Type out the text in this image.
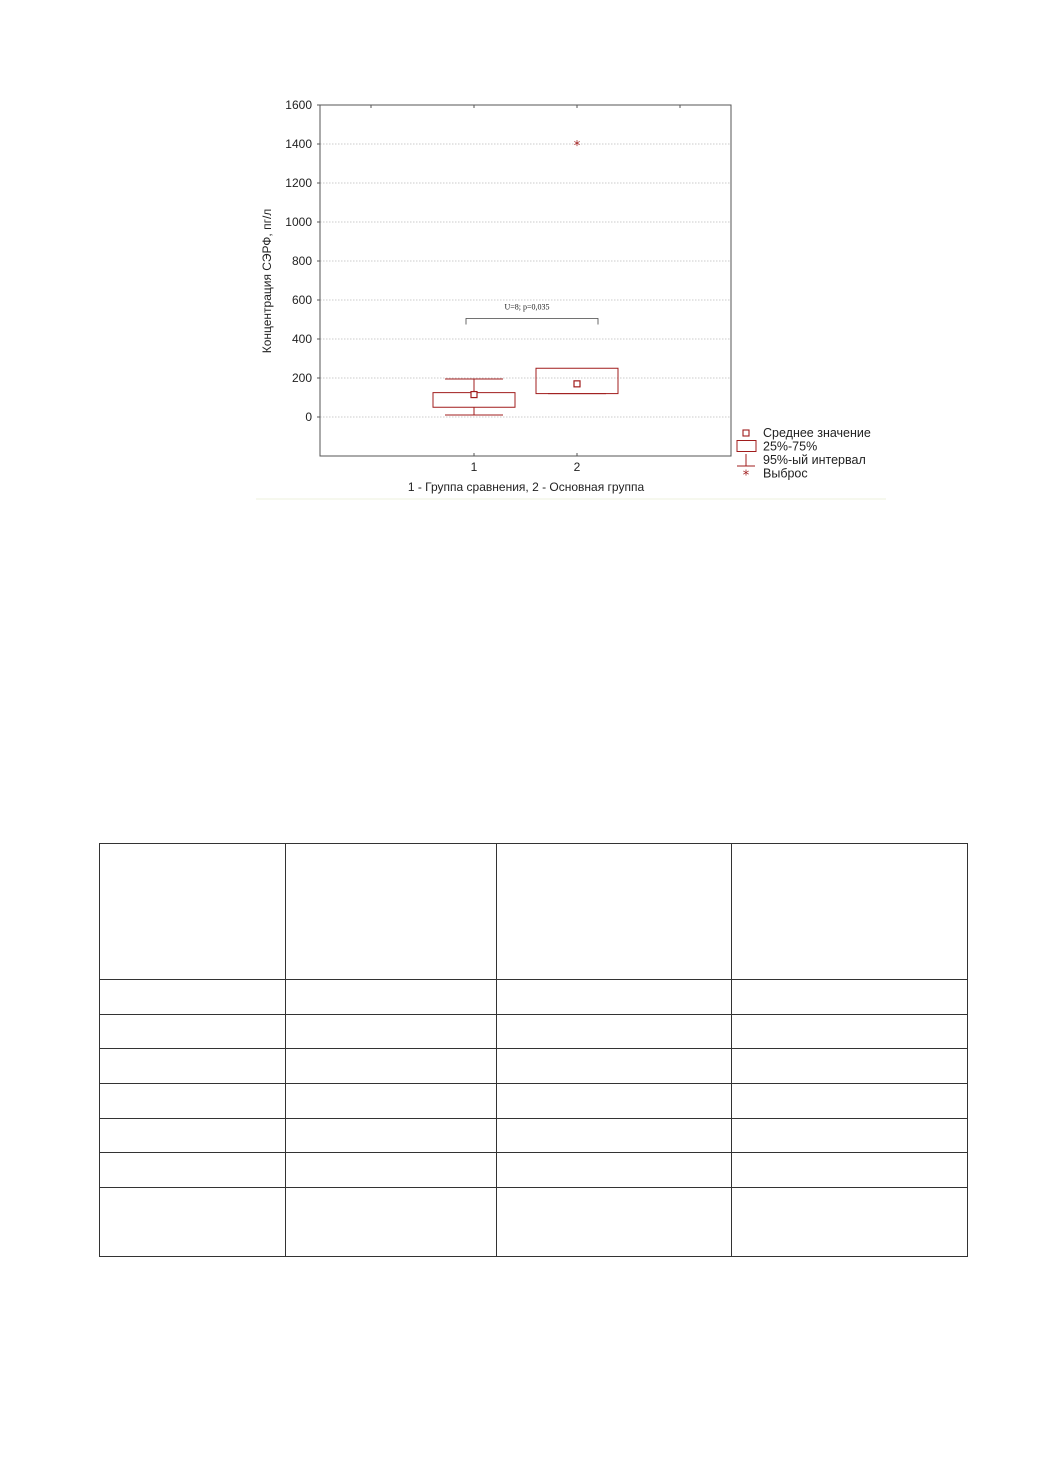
0
200
400
600
800
1000
1200
1400
1600
1	2
Концентрация СЭРФ, пг/л
1 - Группа сравнения, 2 - Основная группа
U=8; p=0,035
*
Среднее значение
25%-75%
95%-ый интервал
* Выброс
